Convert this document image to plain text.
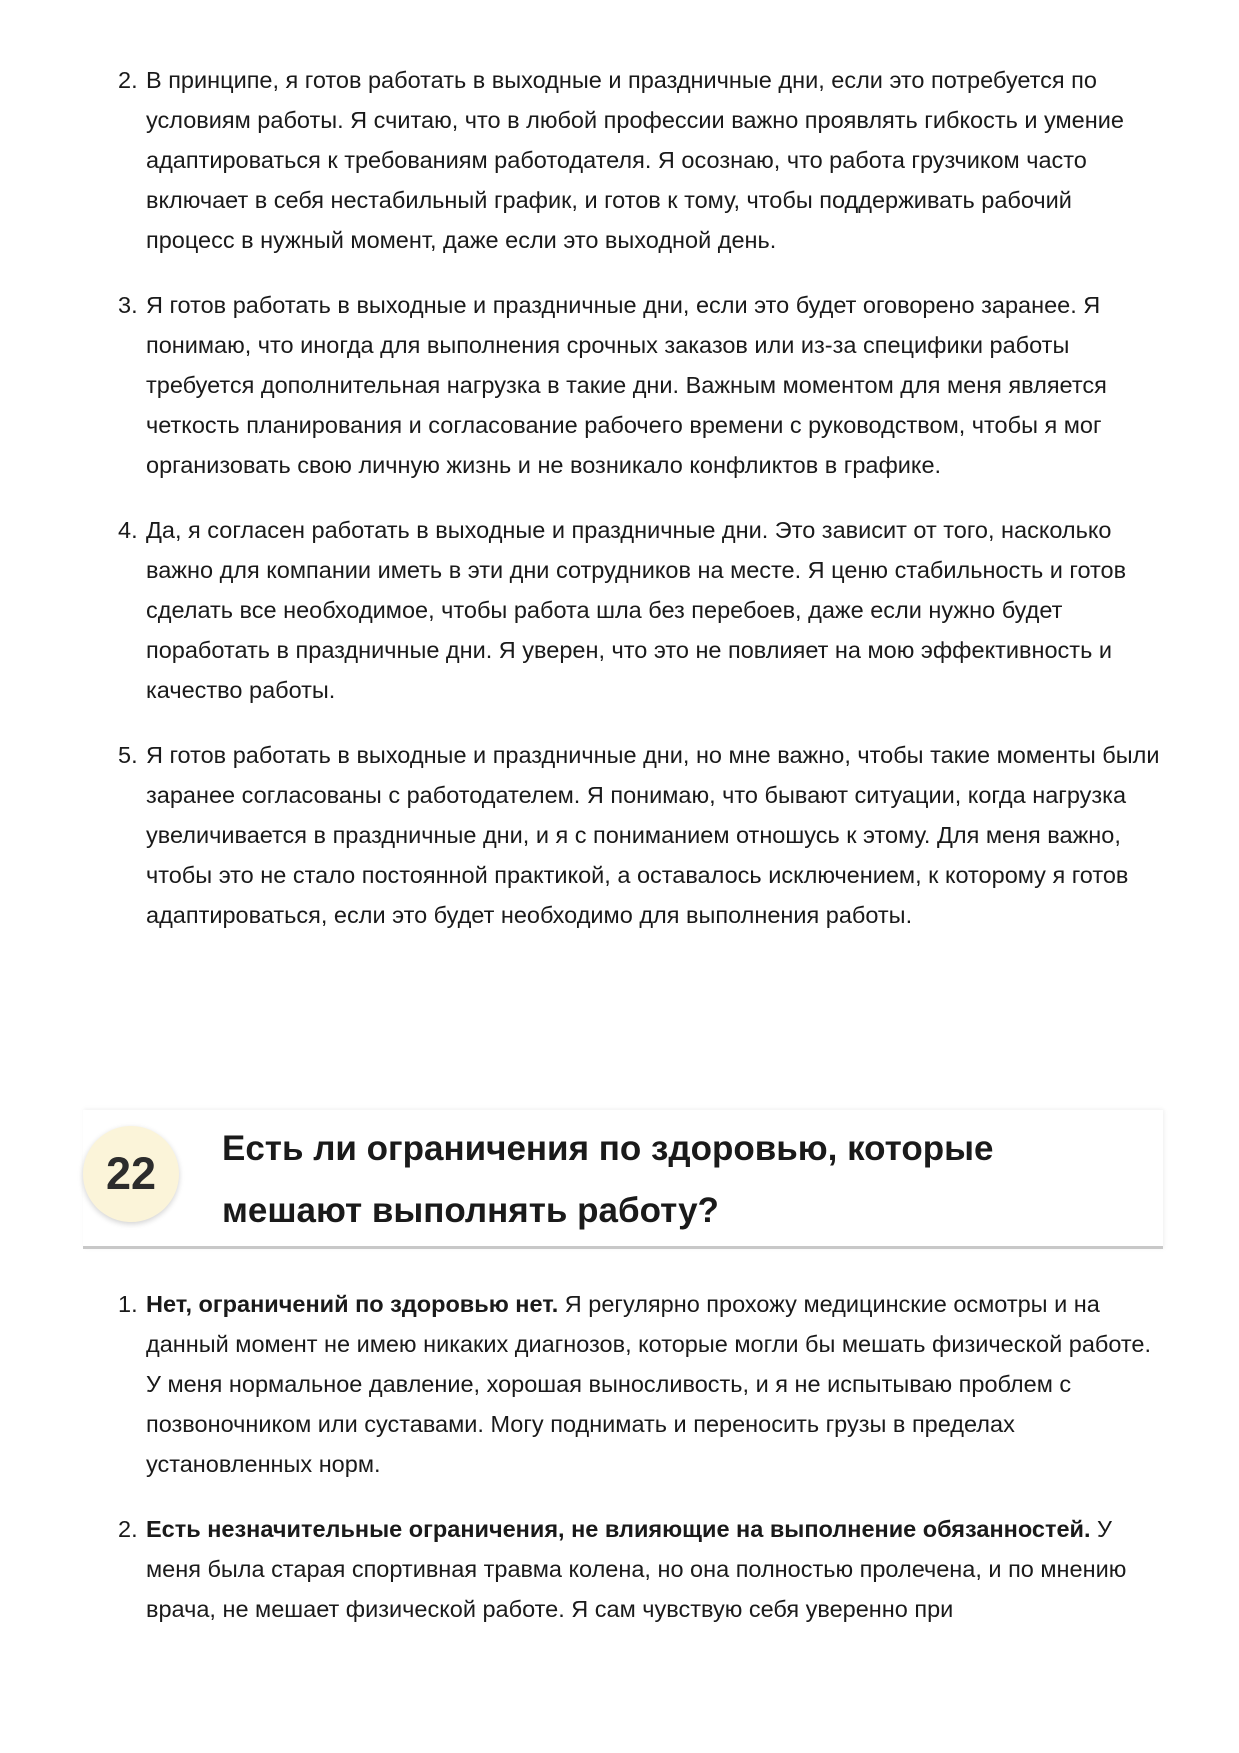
2. В принципе, я готов работать в выходные и праздничные дни, если это потребуется по условиям работы. Я считаю, что в любой профессии важно проявлять гибкость и умение адаптироваться к требованиям работодателя. Я осознаю, что работа грузчиком часто включает в себя нестабильный график, и готов к тому, чтобы поддерживать рабочий процесс в нужный момент, даже если это выходной день.
3. Я готов работать в выходные и праздничные дни, если это будет оговорено заранее. Я понимаю, что иногда для выполнения срочных заказов или из-за специфики работы требуется дополнительная нагрузка в такие дни. Важным моментом для меня является четкость планирования и согласование рабочего времени с руководством, чтобы я мог организовать свою личную жизнь и не возникало конфликтов в графике.
4. Да, я согласен работать в выходные и праздничные дни. Это зависит от того, насколько важно для компании иметь в эти дни сотрудников на месте. Я ценю стабильность и готов сделать все необходимое, чтобы работа шла без перебоев, даже если нужно будет поработать в праздничные дни. Я уверен, что это не повлияет на мою эффективность и качество работы.
5. Я готов работать в выходные и праздничные дни, но мне важно, чтобы такие моменты были заранее согласованы с работодателем. Я понимаю, что бывают ситуации, когда нагрузка увеличивается в праздничные дни, и я с пониманием отношусь к этому. Для меня важно, чтобы это не стало постоянной практикой, а оставалось исключением, к которому я готов адаптироваться, если это будет необходимо для выполнения работы.
22	Есть ли ограничения по здоровью, которые мешают выполнять работу?
1. Нет, ограничений по здоровью нет. Я регулярно прохожу медицинские осмотры и на данный момент не имею никаких диагнозов, которые могли бы мешать физической работе. У меня нормальное давление, хорошая выносливость, и я не испытываю проблем с позвоночником или суставами. Могу поднимать и переносить грузы в пределах установленных норм.
2. Есть незначительные ограничения, не влияющие на выполнение обязанностей. У меня была старая спортивная травма колена, но она полностью пролечена, и по мнению врача, не мешает физической работе. Я сам чувствую себя уверенно при
